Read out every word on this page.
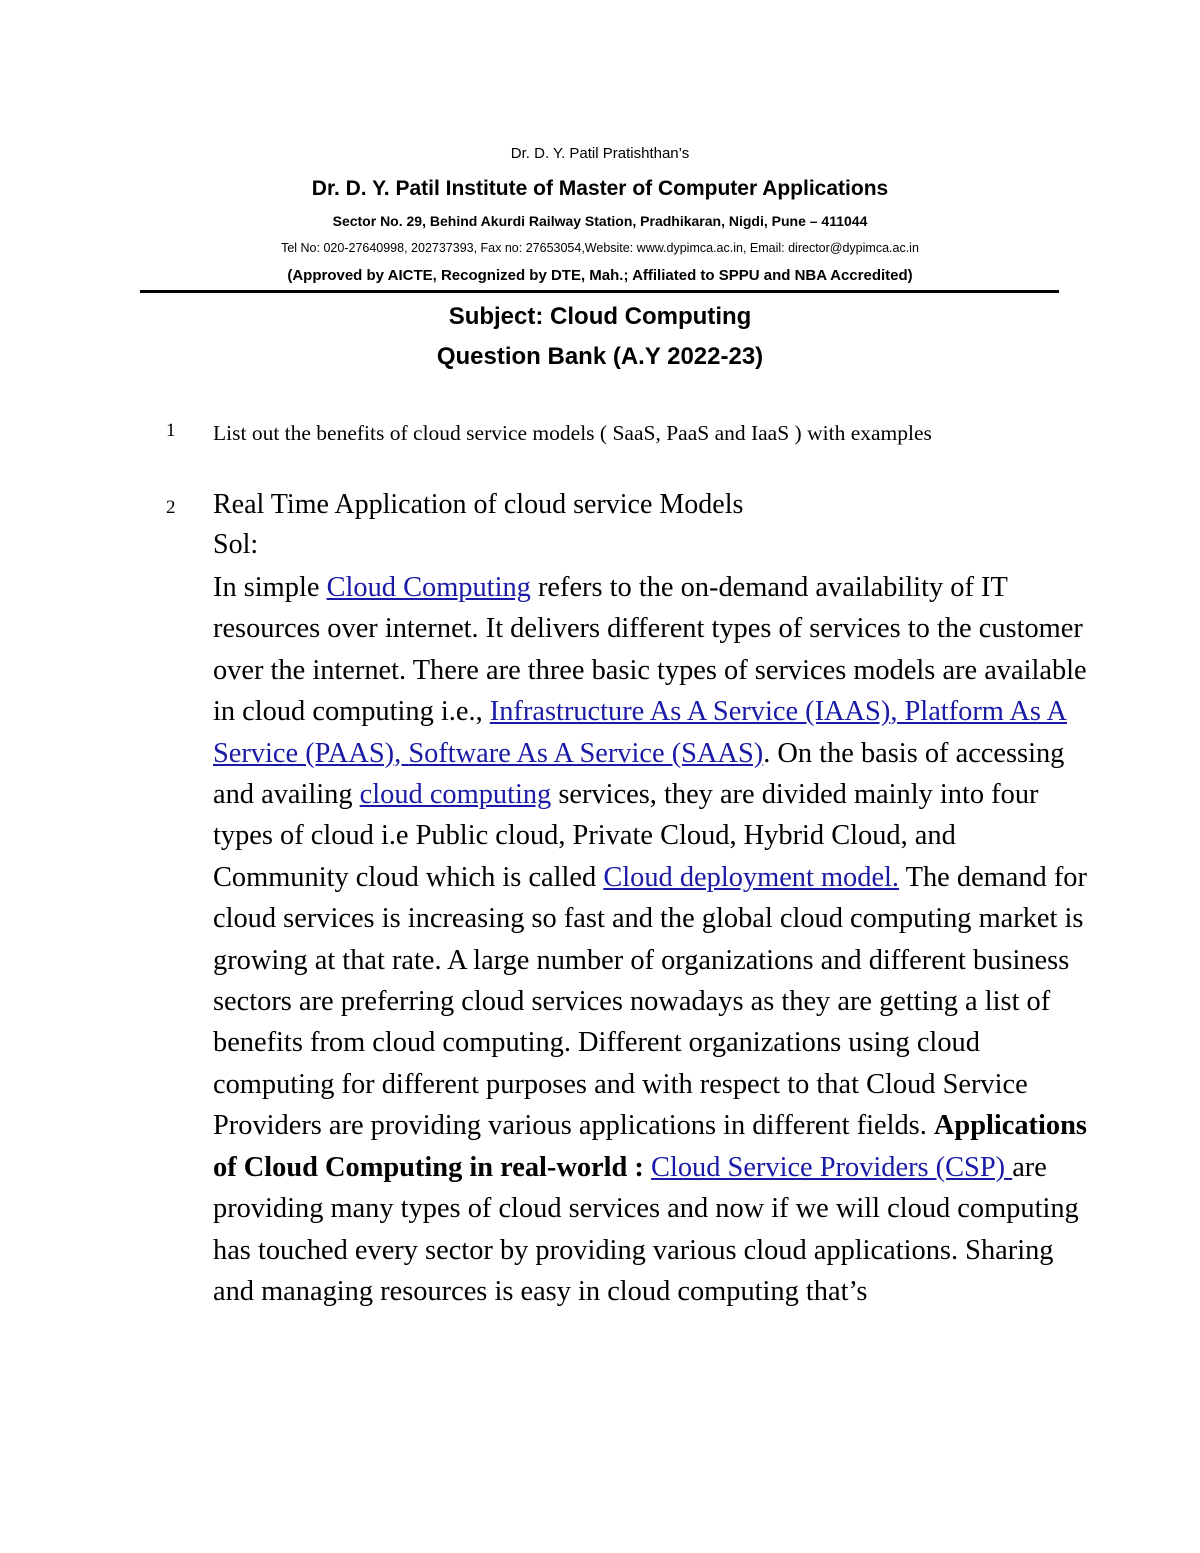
Dr. D. Y. Patil Pratishthan’s
Dr. D. Y. Patil Institute of Master of Computer Applications
Sector No. 29, Behind Akurdi Railway Station, Pradhikaran, Nigdi, Pune – 411044
Tel No: 020-27640998, 202737393, Fax no: 27653054,Website: www.dypimca.ac.in, Email: director@dypimca.ac.in
(Approved by AICTE, Recognized by DTE, Mah.; Affiliated to SPPU and NBA Accredited)
Subject: Cloud Computing
Question Bank (A.Y 2022-23)
1 List out the benefits of cloud service models ( SaaS, PaaS and IaaS ) with examples
2 Real Time Application of cloud service Models
Sol:
In simple Cloud Computing refers to the on-demand availability of IT resources over internet. It delivers different types of services to the customer over the internet. There are three basic types of services models are available in cloud computing i.e., Infrastructure As A Service (IAAS), Platform As A Service (PAAS), Software As A Service (SAAS). On the basis of accessing and availing cloud computing services, they are divided mainly into four types of cloud i.e Public cloud, Private Cloud, Hybrid Cloud, and Community cloud which is called Cloud deployment model. The demand for cloud services is increasing so fast and the global cloud computing market is growing at that rate. A large number of organizations and different business sectors are preferring cloud services nowadays as they are getting a list of benefits from cloud computing. Different organizations using cloud computing for different purposes and with respect to that Cloud Service Providers are providing various applications in different fields. Applications of Cloud Computing in real-world : Cloud Service Providers (CSP) are providing many types of cloud services and now if we will cloud computing has touched every sector by providing various cloud applications. Sharing and managing resources is easy in cloud computing that’s
